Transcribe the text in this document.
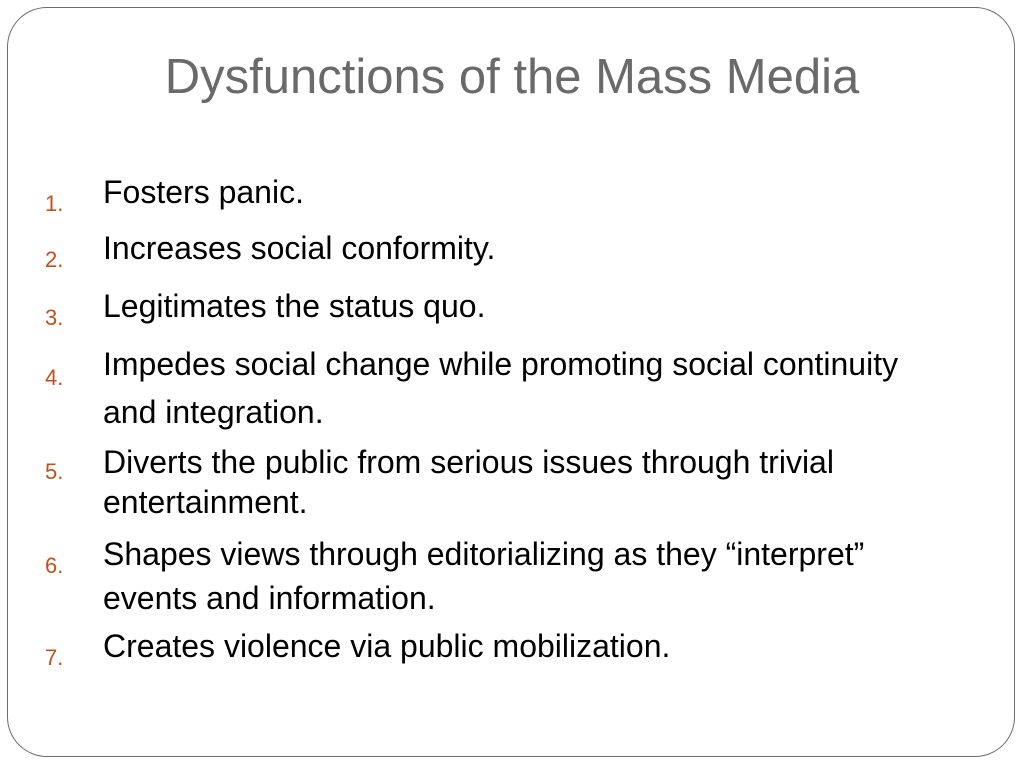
Dysfunctions of the Mass Media
1. Fosters panic.
2. Increases social conformity.
3. Legitimates the status quo.
4. Impedes social change while promoting social continuity and integration.
5. Diverts the public from serious issues through trivial entertainment.
6. Shapes views through editorializing as they “interpret” events and information.
7. Creates violence via public mobilization.
